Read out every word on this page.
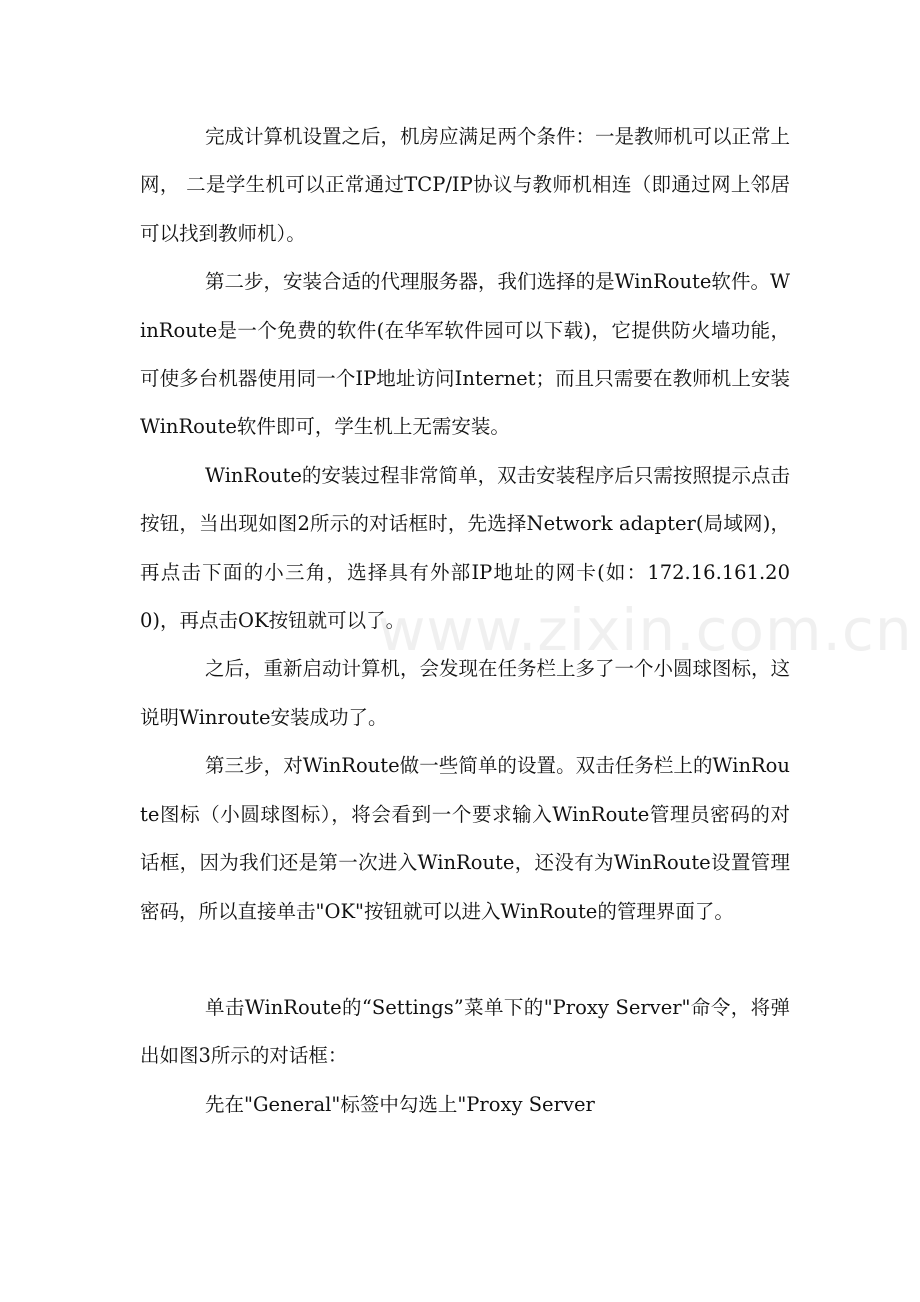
完成计算机设置之后，机房应满足两个条件：一是教师机可以正常上网， 二是学生机可以正常通过TCP/IP协议与教师机相连（即通过网上邻居可以找到教师机）。

第二步，安装合适的代理服务器，我们选择的是WinRoute软件。WinRoute是一个免费的软件(在华军软件园可以下载)，它提供防火墙功能，可使多台机器使用同一个IP地址访问Internet；而且只需要在教师机上安装WinRoute软件即可，学生机上无需安装。

WinRoute的安装过程非常简单，双击安装程序后只需按照提示点击按钮，当出现如图2所示的对话框时，先选择Network adapter(局域网)，再点击下面的小三角，选择具有外部IP地址的网卡(如：172.16.161.200)，再点击OK按钮就可以了。

之后，重新启动计算机，会发现在任务栏上多了一个小圆球图标，这说明Winroute安装成功了。

第三步，对WinRoute做一些简单的设置。双击任务栏上的WinRoute图标（小圆球图标），将会看到一个要求输入WinRoute管理员密码的对话框，因为我们还是第一次进入WinRoute，还没有为WinRoute设置管理密码，所以直接单击"OK"按钮就可以进入WinRoute的管理界面了。

单击WinRoute的“Settings”菜单下的"Proxy Server"命令，将弹出如图3所示的对话框：

先在"General"标签中勾选上"Proxy Server

www.zixin.com.cn
